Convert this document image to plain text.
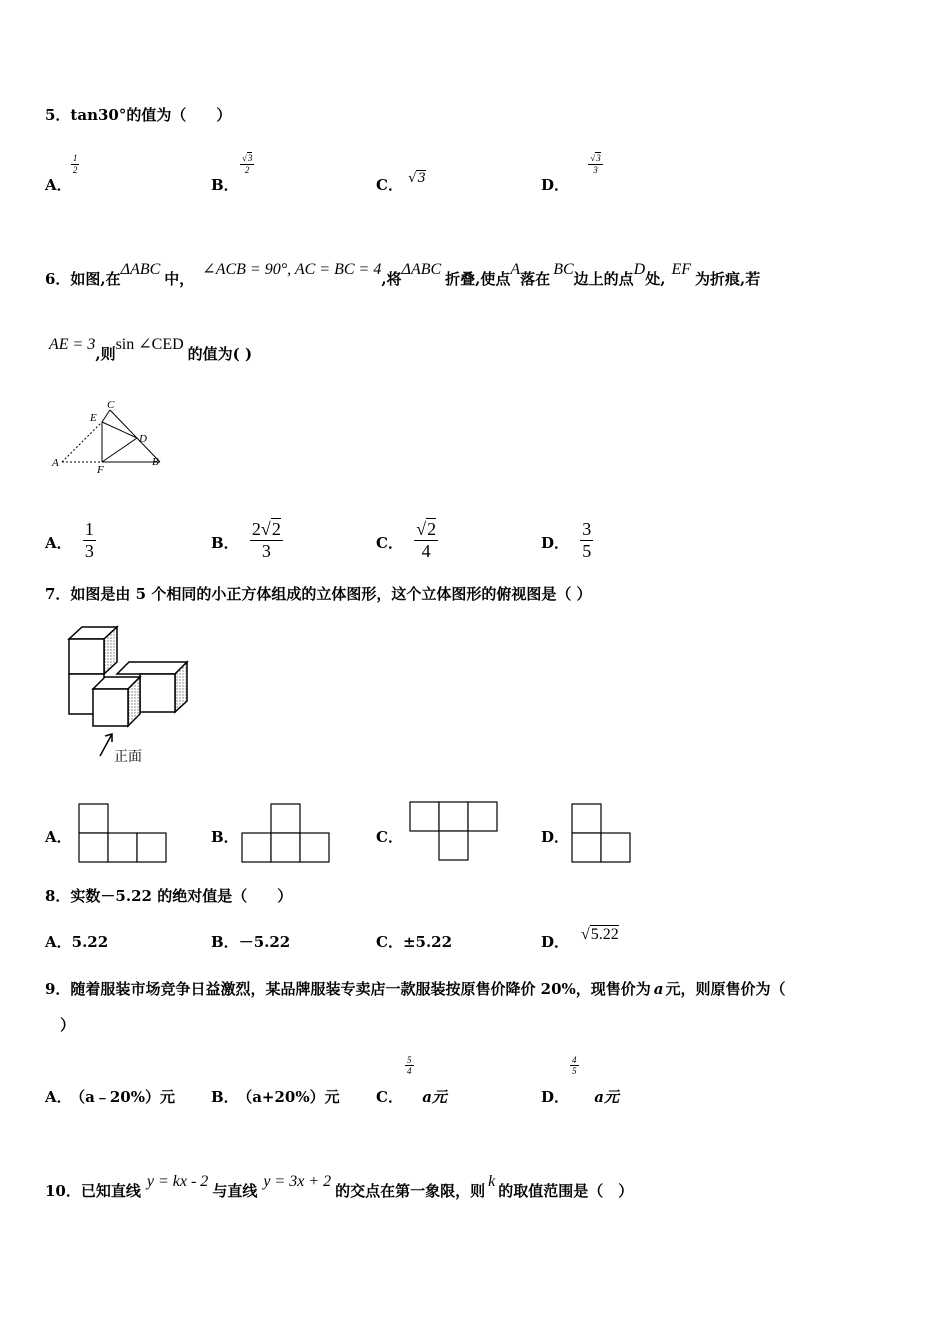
5．tan30°的值为（　　）
A．
$\frac{1}{2}$
B．
$\frac{√3}{2}$
C． √3	D．
$\frac{√3}{3}$
6．如图,在ΔABC中，∠ACB = 90°, AC = BC = 4,将ΔABC折叠,使点A落在BC边上的点D处,EF为折痕,若
AE = 3,则sin ∠CED的值为( )
C
E
D
A
F
B
A． $\frac{1}{3}$	B． $\frac{2√2}{3}$	C． $\frac{√2}{4}$	D． $\frac{3}{5}$
7．如图是由 5 个相同的小正方体组成的立体图形，这个立体图形的俯视图是（ ）
正面
A．	B．	C．	D．
8．实数－5.22 的绝对值是（　　）
A．5.22	B．－5.22	C．±5.22	D． √5.22
9．随着服装市场竞争日益激烈，某品牌服装专卖店一款服装按原售价降价 20%，现售价为 a 元，则原售价为（
）
A． （a﹣20%）元 B． （a+20%）元 C．
$\frac{5}{4}$
a元	D．
$\frac{4}{5}$
a元
10．已知直线y = kx - 2与直线y = 3x + 2的交点在第一象限，则k的取值范围是（　）
